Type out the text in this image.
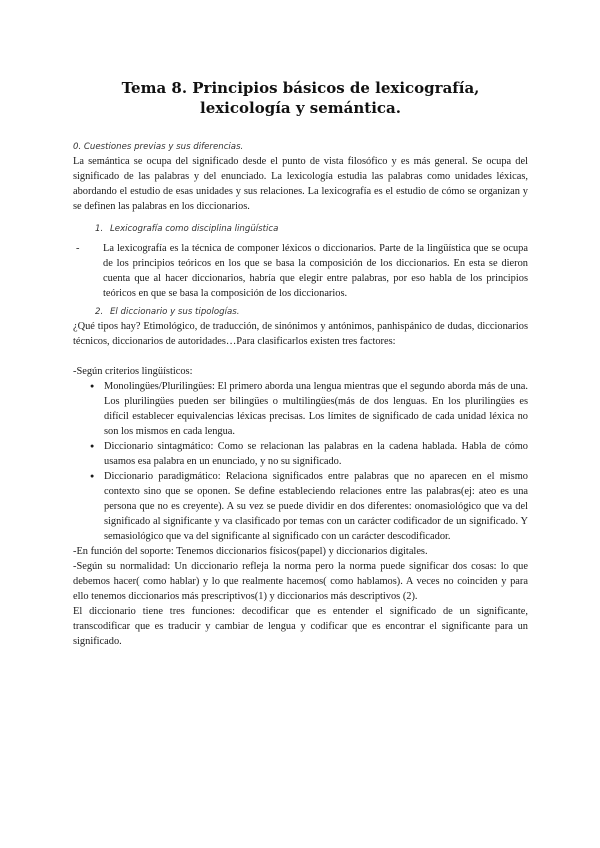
Tema 8. Principios básicos de lexicografía, lexicología y semántica.
0. Cuestiones previas y sus diferencias.

La semántica se ocupa del significado desde el punto de vista filosófico y es más general. Se ocupa del significado de las palabras y del enunciado. La lexicología estudia las palabras como unidades léxicas, abordando el estudio de esas unidades y sus relaciones. La lexicografía es el estudio de cómo se organizan y se definen las palabras en los diccionarios.

1. Lexicografía como disciplina lingüística
-	La lexicografía es la técnica de componer léxicos o diccionarios. Parte de la lingüística que se ocupa de los principios teóricos en los que se basa la composición de los diccionarios. En esta se dieron cuenta que al hacer diccionarios, habría que elegir entre palabras, por eso habla de los principios teóricos en que se basa la composición de los diccionarios.

2. El diccionario y sus tipologías.

¿Qué tipos hay? Etimológico, de traducción, de sinónimos y antónimos, panhispánico de dudas, diccionarios técnicos, diccionarios de autoridades…Para clasificarlos existen tres factores:

-Según criterios lingüísticos:

● Monolingües/Plurilingües: El primero aborda una lengua mientras que el segundo aborda más de una. Los plurilingües pueden ser bilingües o multilingües(más de dos lenguas. En los plurilingües es difícil establecer equivalencias léxicas precisas. Los límites de significado de cada unidad léxica no son los mismos en cada lengua.

● Diccionario sintagmático: Como se relacionan las palabras en la cadena hablada. Habla de cómo usamos esa palabra en un enunciado, y no su significado.

● Diccionario paradigmático: Relaciona significados entre palabras que no aparecen en el mismo contexto sino que se oponen. Se define estableciendo relaciones entre las palabras(ej: ateo es una persona que no es creyente). A su vez se puede dividir en dos diferentes: onomasiológico que va del significado al significante y va clasificado por temas con un carácter codificador de un significado. Y semasiológico que va del significante al significado con un carácter descodificador.

-En función del soporte: Tenemos diccionarios físicos(papel) y diccionarios digitales.

-Según su normalidad: Un diccionario refleja la norma pero la norma puede significar dos cosas: lo que debemos hacer( como hablar) y lo que realmente hacemos( como hablamos). A veces no coinciden y para ello tenemos diccionarios más prescriptivos(1) y diccionarios más descriptivos (2).

El diccionario tiene tres funciones: decodificar que es entender el significado de un significante, transcodificar que es traducir y cambiar de lengua y codificar que es encontrar el significante para un significado.
